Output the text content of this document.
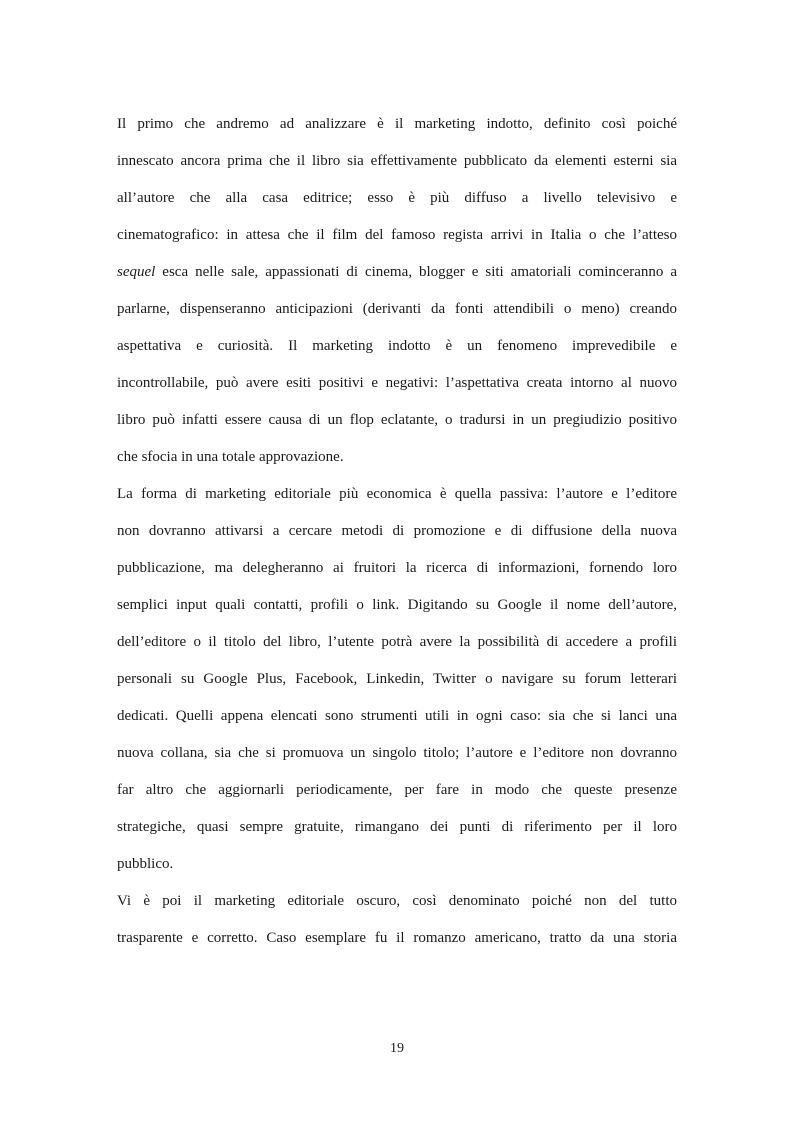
Il primo che andremo ad analizzare è il marketing indotto, definito così poiché
innescato ancora prima che il libro sia effettivamente pubblicato da elementi esterni sia
all’autore che alla casa editrice; esso è più diffuso a livello televisivo e
cinematografico: in attesa che il film del famoso regista arrivi in Italia o che l’atteso
sequel esca nelle sale, appassionati di cinema, blogger e siti amatoriali cominceranno a
parlarne, dispenseranno anticipazioni (derivanti da fonti attendibili o meno) creando
aspettativa e curiosità. Il marketing indotto è un fenomeno imprevedibile e
incontrollabile, può avere esiti positivi e negativi: l’aspettativa creata intorno al nuovo
libro può infatti essere causa di un flop eclatante, o tradursi in un pregiudizio positivo
che sfocia in una totale approvazione.
La forma di marketing editoriale più economica è quella passiva: l’autore e l’editore
non dovranno attivarsi a cercare metodi di promozione e di diffusione della nuova
pubblicazione, ma delegheranno ai fruitori la ricerca di informazioni, fornendo loro
semplici input quali contatti, profili o link. Digitando su Google il nome dell’autore,
dell’editore o il titolo del libro, l’utente potrà avere la possibilità di accedere a profili
personali su Google Plus, Facebook, Linkedin, Twitter o navigare su forum letterari
dedicati. Quelli appena elencati sono strumenti utili in ogni caso: sia che si lanci una
nuova collana, sia che si promuova un singolo titolo; l’autore e l’editore non dovranno
far altro che aggiornarli periodicamente, per fare in modo che queste presenze
strategiche, quasi sempre gratuite, rimangano dei punti di riferimento per il loro
pubblico.
Vi è poi il marketing editoriale oscuro, così denominato poiché non del tutto
trasparente e corretto. Caso esemplare fu il romanzo americano, tratto da una storia
19
